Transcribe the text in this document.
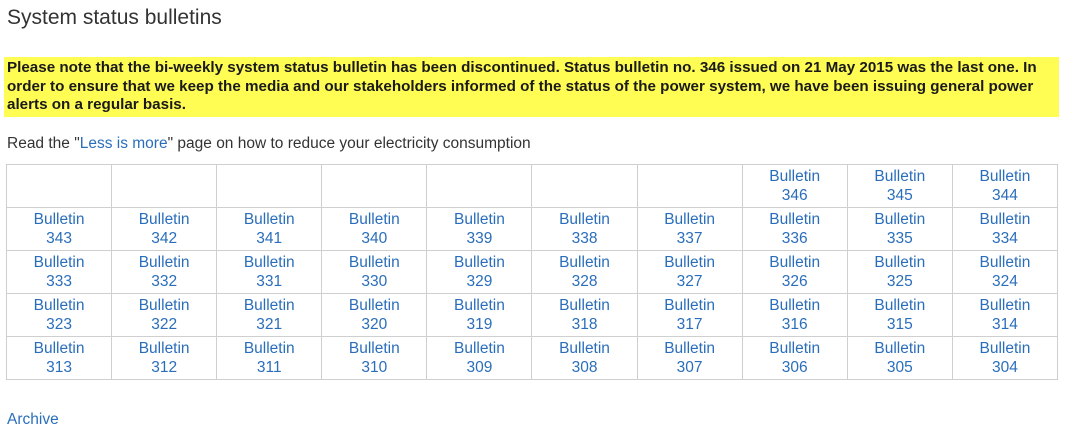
System status bulletins
Please note that the bi-weekly system status bulletin has been discontinued. Status bulletin no. 346 issued on 21 May 2015 was the last one. In order to ensure that we keep the media and our stakeholders informed of the status of the power system, we have been issuing general power alerts on a regular basis.
Read the "Less is more" page on how to reduce your electricity consumption

							Bulletin
346	Bulletin
345	Bulletin
344

Bulletin
343	Bulletin
342	Bulletin
341	Bulletin
340	Bulletin
339	Bulletin
338	Bulletin
337	Bulletin
336	Bulletin
335	Bulletin
334

Bulletin
333	Bulletin
332	Bulletin
331	Bulletin
330	Bulletin
329	Bulletin
328	Bulletin
327	Bulletin
326	Bulletin
325	Bulletin
324

Bulletin
323	Bulletin
322	Bulletin
321	Bulletin
320	Bulletin
319	Bulletin
318	Bulletin
317	Bulletin
316	Bulletin
315	Bulletin
314

Bulletin
313	Bulletin
312	Bulletin
311	Bulletin
310	Bulletin
309	Bulletin
308	Bulletin
307	Bulletin
306	Bulletin
305	Bulletin
304
Archive
